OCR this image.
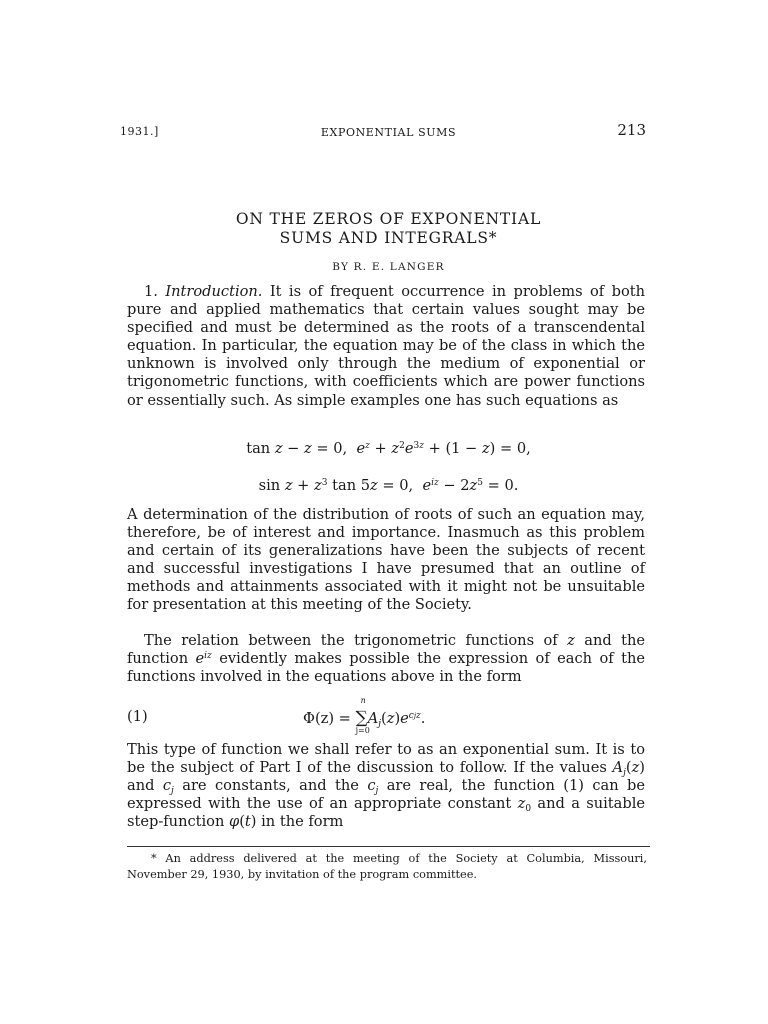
1931.]	EXPONENTIAL SUMS	213
ON THE ZEROS OF EXPONENTIAL
SUMS AND INTEGRALS*
BY R. E. LANGER

1. Introduction. It is of frequent occurrence in problems of both pure and applied mathematics that certain values sought may be specified and must be determined as the roots of a transcendental equation. In particular, the equation may be of the class in which the unknown is involved only through the medium of exponential or trigonometric functions, with coefficients which are power functions or essentially such. As simple examples one has such equations as

tan z − z = 0,  $e^z + z^2e^{3z} + (1 - z) = 0$,
$\sin z + z^3$ tan 5z = 0,  $e^{iz} - 2z^5 = 0$.

A determination of the distribution of roots of such an equation may, therefore, be of interest and importance. Inasmuch as this problem and certain of its generalizations have been the subjects of recent and successful investigations I have presumed that an outline of methods and attainments associated with it might not be unsuitable for presentation at this meeting of the Society.

The relation between the trigonometric functions of z and the function $e^{iz}$ evidently makes possible the expression of each of the functions involved in the equations above in the form

(1)	Φ(z) = ∑
n
j=0
$A_j(z)e^{cjz}$.

This type of function we shall refer to as an exponential sum. It is to be the subject of Part I of the discussion to follow. If the values $A_j(z)$ and $c_j$ are constants, and the $c_j$ are real, the function (1) can be expressed with the use of an appropriate constant $z_0$ and a suitable step-function φ(t) in the form

* An address delivered at the meeting of the Society at Columbia, Missouri, November 29, 1930, by invitation of the program committee.
